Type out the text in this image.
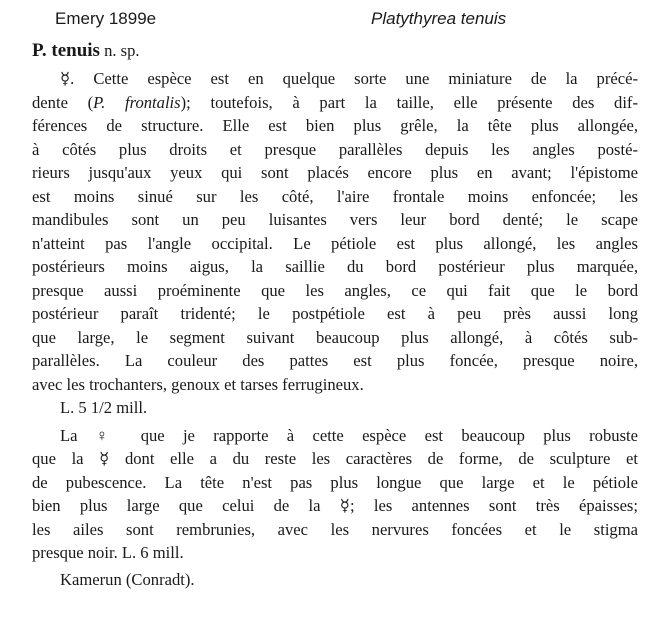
Emery 1899e	Platythyrea tenuis
P. tenuis n. sp.
☿. Cette espèce est en quelque sorte une miniature de la précé-
dente (P. frontalis); toutefois, à part la taille, elle présente des dif-
férences de structure. Elle est bien plus grêle, la tête plus allongée,
à côtés plus droits et presque parallèles depuis les angles posté-
rieurs jusqu'aux yeux qui sont placés encore plus en avant; l'épistome
est moins sinué sur les côté, l'aire frontale moins enfoncée; les
mandibules sont un peu luisantes vers leur bord denté; le scape
n'atteint pas l'angle occipital. Le pétiole est plus allongé, les angles
postérieurs moins aigus, la saillie du bord postérieur plus marquée,
presque aussi proéminente que les angles, ce qui fait que le bord
postérieur paraît tridenté; le postpétiole est à peu près aussi long
que large, le segment suivant beaucoup plus allongé, à côtés sub-
parallèles. La couleur des pattes est plus foncée, presque noire,
avec les trochanters, genoux et tarses ferrugineux.
L. 5 1/2 mill.
La ♀ que je rapporte à cette espèce est beaucoup plus robuste
que la ☿ dont elle a du reste les caractères de forme, de sculpture et
de pubescence. La tête n'est pas plus longue que large et le pétiole
bien plus large que celui de la ☿; les antennes sont très épaisses;
les ailes sont rembrunies, avec les nervures foncées et le stigma
presque noir. L. 6 mill.
Kamerun (Conradt).
